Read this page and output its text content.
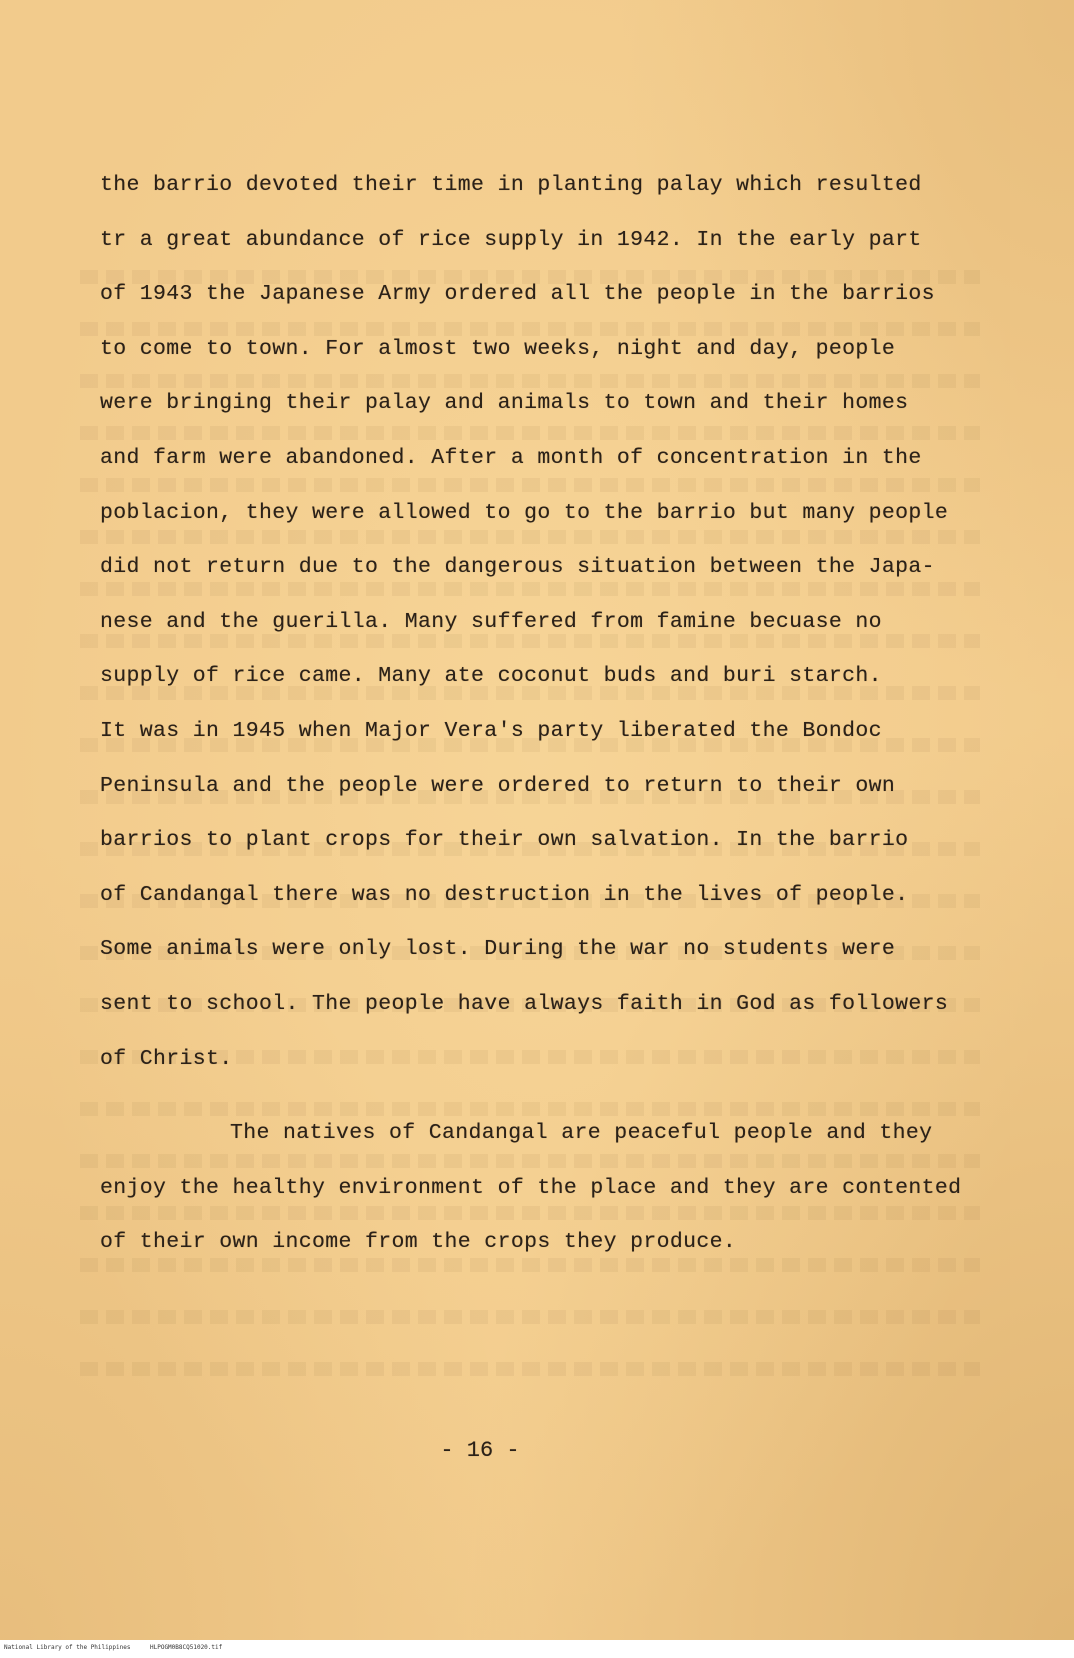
the barrio devoted their time in planting palay which resulted
tr a great abundance of rice supply in 1942. In the early part
of 1943 the Japanese Army ordered all the people in the barrios
to come to town. For almost two weeks, night and day, people
were bringing their palay and animals to town and their homes
and farm were abandoned. After a month of concentration in the
poblacion, they were allowed to go to the barrio but many people
did not return due to the dangerous situation between the Japa-
nese and the guerilla. Many suffered from famine becuase no
supply of rice came. Many ate coconut buds and buri starch.
It was in 1945 when Major Vera's party liberated the Bondoc
Peninsula and the people were ordered to return to their own
barrios to plant crops for their own salvation. In the barrio
of Candangal there was no destruction in the lives of people.
Some animals were only lost. During the war no students were
sent to school. The people have always faith in God as followers
of Christ.
The natives of Candangal are peaceful people and they
enjoy the healthy environment of the place and they are contented
of their own income from the crops they produce.
- 16 -
National Library of the Philippines	HLPOGM0B8CQ51020.tif
